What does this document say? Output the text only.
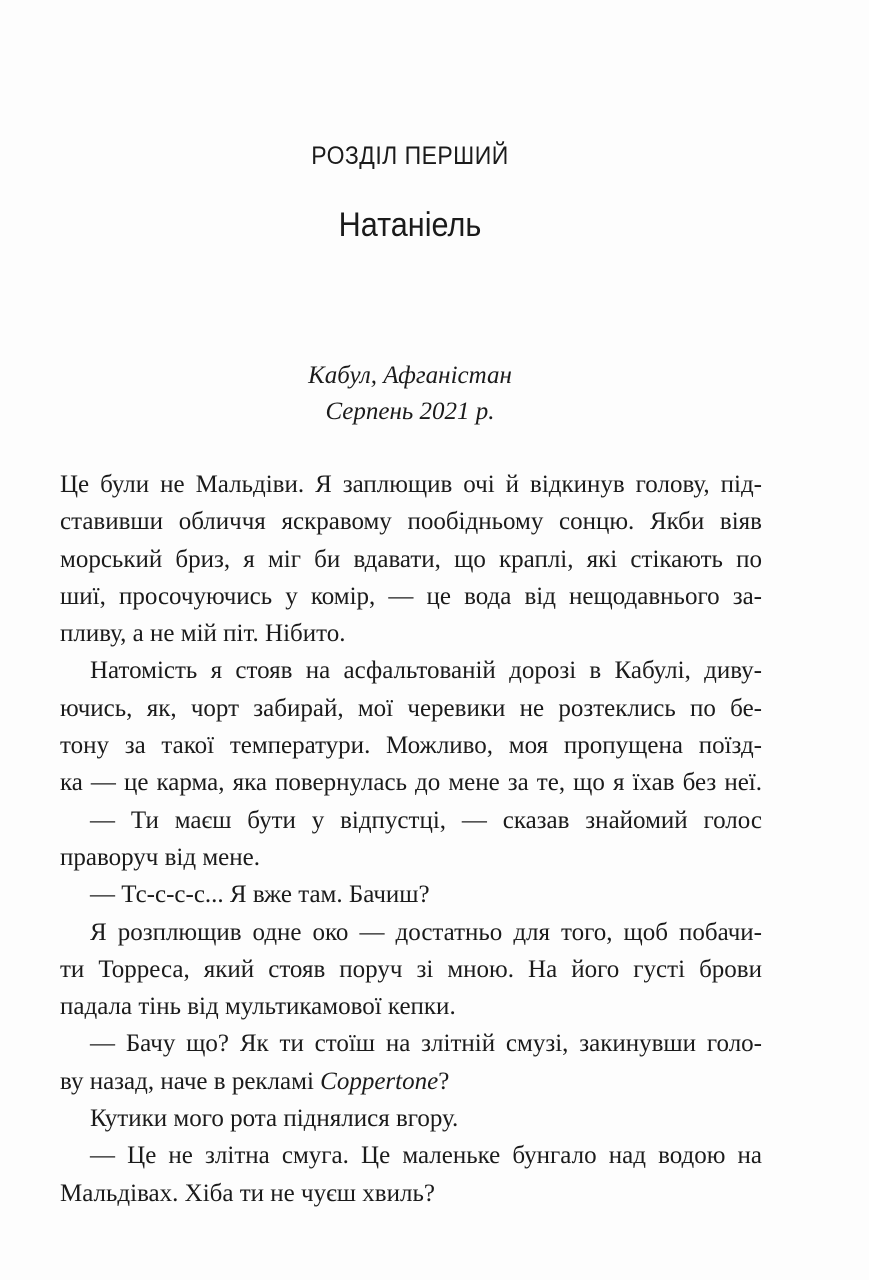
РОЗДІЛ ПЕРШИЙ
Натаніель
Кабул, Афганістан
Серпень 2021 р.
Це були не Мальдіви. Я заплющив очі й відкинув голову, під-
ставивши обличчя яскравому пообідньому сонцю. Якби віяв
морський бриз, я міг би вдавати, що краплі, які стікають по
шиї, просочуючись у комір, — це вода від нещодавнього за-
пливу, а не мій піт. Нібито.
Натомість я стояв на асфальтованій дорозі в Кабулі, диву-
ючись, як, чорт забирай, мої черевики не розтеклись по бе-
тону за такої температури. Можливо, моя пропущена поїзд-
ка — це карма, яка повернулась до мене за те, що я їхав без неї.
— Ти маєш бути у відпустці, — сказав знайомий голос
праворуч від мене.
— Тс-с-с-с... Я вже там. Бачиш?
Я розплющив одне око — достатньо для того, щоб побачи-
ти Торреса, який стояв поруч зі мною. На його густі брови
падала тінь від мультикамової кепки.
— Бачу що? Як ти стоїш на злітній смузі, закинувши голо-
ву назад, наче в рекламі Coppertone?
Кутики мого рота піднялися вгору.
— Це не злітна смуга. Це маленьке бунгало над водою на
Мальдівах. Хіба ти не чуєш хвиль?
